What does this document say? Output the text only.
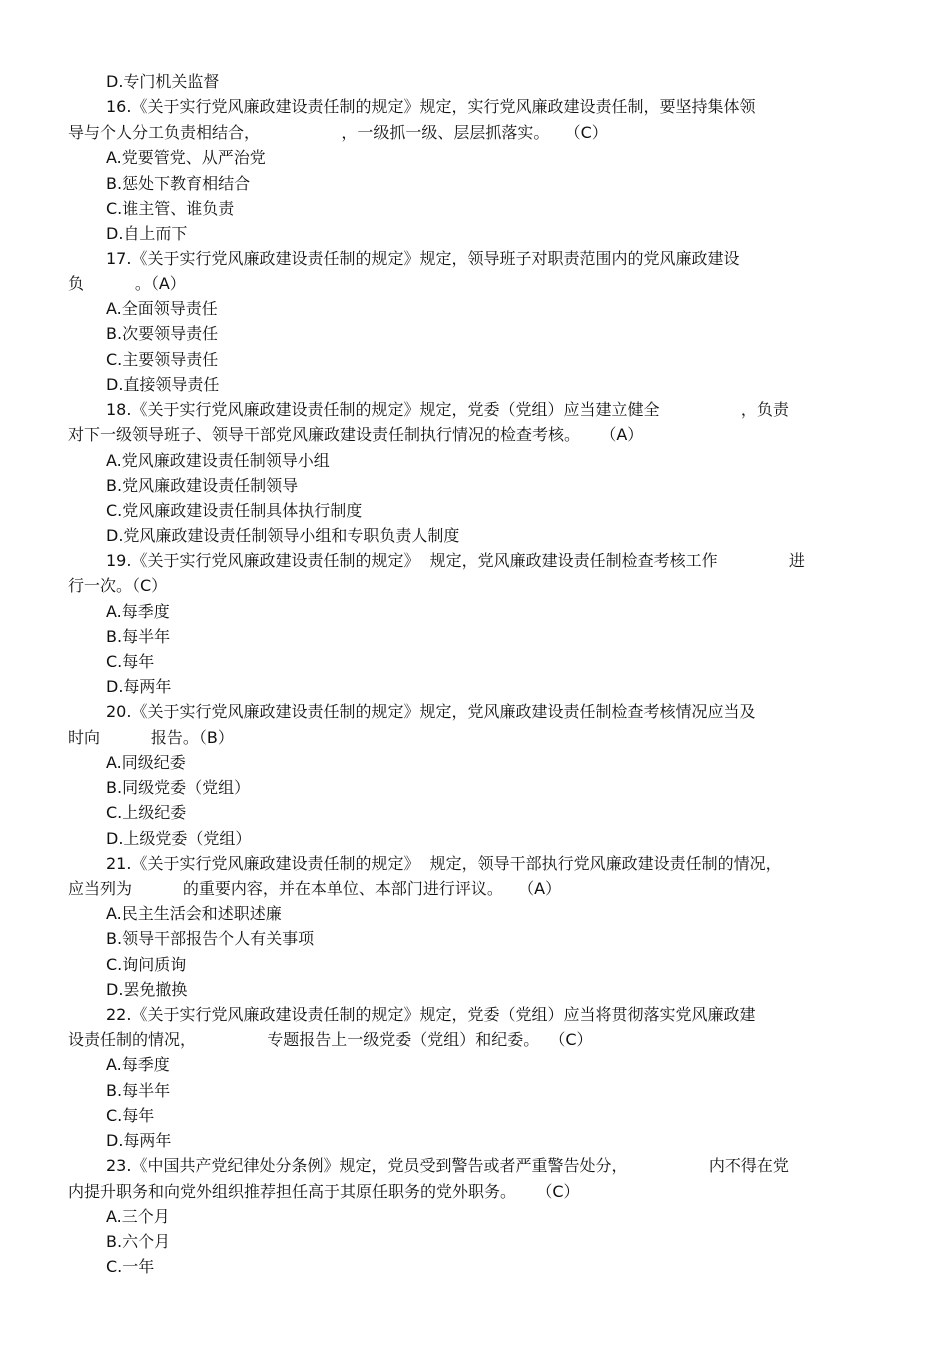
D.专门机关监督
16.《关于实行党风廉政建设责任制的规定》规定，实行党风廉政建设责任制，要坚持集体领
导与个人分工负责相结合，                ，一级抓一级、层层抓落实。   （C）
A.党要管党、从严治党
B.惩处下教育相结合
C.谁主管、谁负责
D.自上而下
17.《关于实行党风廉政建设责任制的规定》规定，领导班子对职责范围内的党风廉政建设
负          。（A）
A.全面领导责任
B.次要领导责任
C.主要领导责任
D.直接领导责任
18.《关于实行党风廉政建设责任制的规定》规定，党委（党组）应当建立健全                ，负责
对下一级领导班子、领导干部党风廉政建设责任制执行情况的检查考核。    （A）
A.党风廉政建设责任制领导小组
B.党风廉政建设责任制领导
C.党风廉政建设责任制具体执行制度
D.党风廉政建设责任制领导小组和专职负责人制度
19.《关于实行党风廉政建设责任制的规定》  规定，党风廉政建设责任制检查考核工作              进
行一次。（C）
A.每季度
B.每半年
C.每年
D.每两年
20.《关于实行党风廉政建设责任制的规定》规定，党风廉政建设责任制检查考核情况应当及
时向          报告。（B）
A.同级纪委
B.同级党委（党组）
C.上级纪委
D.上级党委（党组）
21.《关于实行党风廉政建设责任制的规定》  规定，领导干部执行党风廉政建设责任制的情况，
应当列为          的重要内容，并在本单位、本部门进行评议。   （A）
A.民主生活会和述职述廉
B.领导干部报告个人有关事项
C.询问质询
D.罢免撤换
22.《关于实行党风廉政建设责任制的规定》规定，党委（党组）应当将贯彻落实党风廉政建
设责任制的情况，              专题报告上一级党委（党组）和纪委。  （C）
A.每季度
B.每半年
C.每年
D.每两年
23.《中国共产党纪律处分条例》规定，党员受到警告或者严重警告处分，                内不得在党
内提升职务和向党外组织推荐担任高于其原任职务的党外职务。    （C）
A.三个月
B.六个月
C.一年
